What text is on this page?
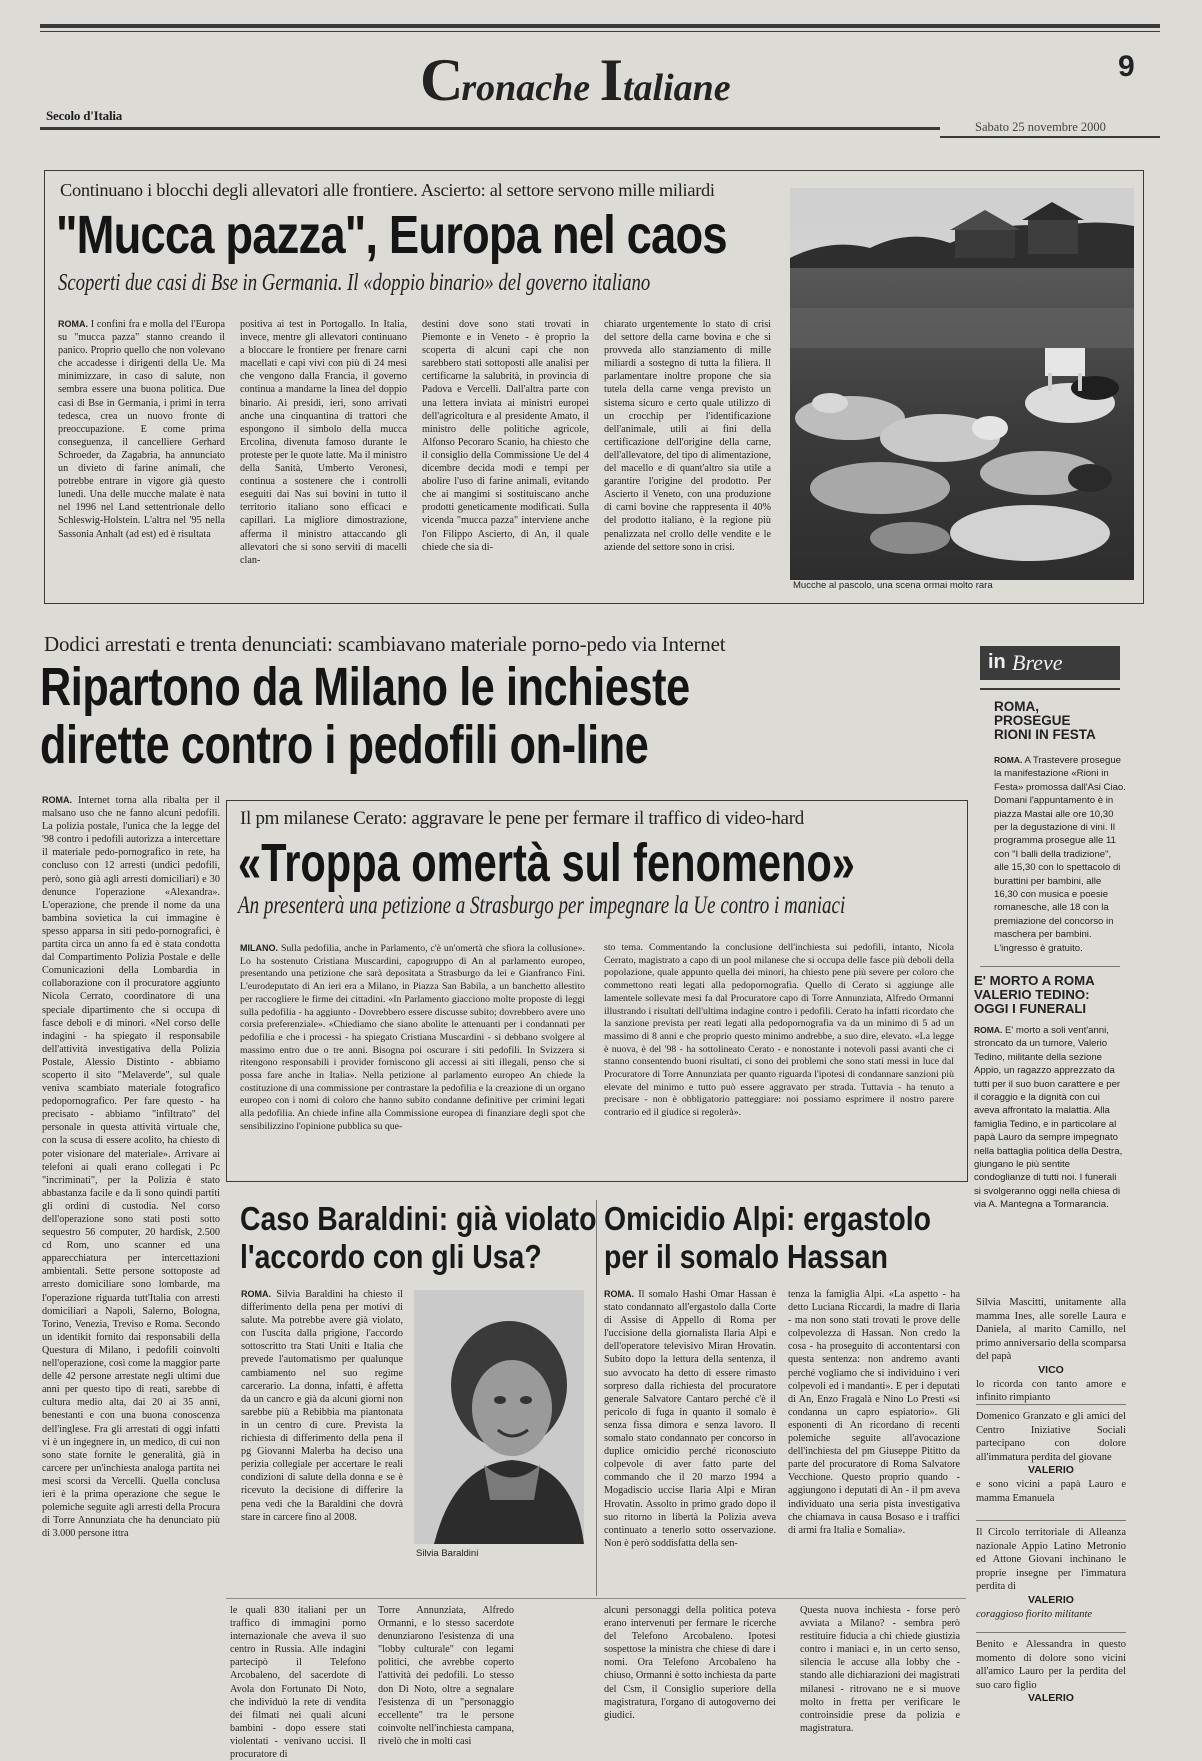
Cronache Italiane
9
Secolo d'Italia
Sabato 25 novembre 2000
Continuano i blocchi degli allevatori alle frontiere. Ascierto: al settore servono mille miliardi
"Mucca pazza", Europa nel caos
Scoperti due casi di Bse in Germania. Il «doppio binario» del governo italiano
ROMA. I confini fra e molla del l'Europa su "mucca pazza" stanno creando il panico. Proprio quello che non volevano che accadesse i dirigenti della Ue. Ma minimizzare, in caso di salute, non sembra essere una buona politica. Due casi di Bse in Germania, i primi in terra tedesca, crea un nuovo fronte di preoccupazione. E come prima conseguenza, il cancelliere Gerhard Schroeder, da Zagabria, ha annunciato un divieto di farine animali, che potrebbe entrare in vigore già questo lunedì. Una delle mucche malate è nata nel 1996 nel Land settentrionale dello Schleswig-Holstein. L'altra nel '95 nella Sassonia Anhalt (ad est) ed è risultata
positiva ai test in Portogallo. In Italia, invece, mentre gli allevatori continuano a bloccare le frontiere per frenare carni macellati e capi vivi con più di 24 mesi che vengono dalla Francia, il governo continua a mandarne la linea del doppio binario. Ai presidi, ieri, sono arrivati anche una cinquantina di trattori che espongono il simbolo della mucca Ercolina, divenuta famoso durante le proteste per le quote latte. Ma il ministro della Sanità, Umberto Veronesi, continua a sostenere che i controlli eseguiti dai Nas sui bovini in tutto il territorio italiano sono efficaci e capillari. La migliore dimostrazione, afferma il ministro attaccando gli allevatori che si sono serviti di macelli clan-
destini dove sono stati trovati in Piemonte e in Veneto - è proprio la scoperta di alcuni capi che non sarebbero stati sottoposti alle analisi per certificarne la salubrità, in provincia di Padova e Vercelli. Dall'altra parte con una lettera inviata ai ministri europei dell'agricoltura e al presidente Amato, il ministro delle politiche agricole, Alfonso Pecoraro Scanio, ha chiesto che il consiglio della Commissione Ue del 4 dicembre decida modi e tempi per abolire l'uso di farine animali, evitando che ai mangimi si sostituiscano anche prodotti geneticamente modificati. Sulla vicenda "mucca pazza" interviene anche l'on Filippo Ascierto, di An, il quale chiede che sia di-
chiarato urgentemente lo stato di crisi del settore della carne bovina e che si provveda allo stanziamento di mille miliardi a sostegno di tutta la filiera. Il parlamentare inoltre propone che sia tutela della carne venga previsto un sistema sicuro e certo quale utilizzo di un crocchip per l'identificazione dell'animale, utili ai fini della certificazione dell'origine della carne, dell'allevatore, del tipo di alimentazione, del macello e di quant'altro sia utile a garantire l'origine del prodotto. Per Ascierto il Veneto, con una produzione di carni bovine che rappresenta il 40% del prodotto italiano, è la regione più penalizzata nel crollo delle vendite e le aziende del settore sono in crisi.
Mucche al pascolo, una scena ormai molto rara
Dodici arrestati e trenta denunciati: scambiavano materiale porno-pedo via Internet
Ripartono da Milano le inchieste
dirette contro i pedofili on-line
ROMA. Internet torna alla ribalta per il malsano uso che ne fanno alcuni pedofili. La polizia postale, l'unica che la legge del '98 contro i pedofili autorizza a intercettare il materiale pedo-pornografico in rete, ha concluso con 12 arresti (undici pedofili, però, sono già agli arresti domiciliari) e 30 denunce l'operazione «Alexandra». L'operazione, che prende il nome da una bambina sovietica la cui immagine è spesso apparsa in siti pedo-pornografici, è partita circa un anno fa ed è stata condotta dal Compartimento Polizia Postale e delle Comunicazioni della Lombardia in collaborazione con il procuratore aggiunto Nicola Cerrato, coordinatore di una speciale dipartimento che si occupa di fasce deboli e di minori. «Nel corso delle indagini - ha spiegato il responsabile dell'attività investigativa della Polizia Postale, Alessio Distinto - abbiamo scoperto il sito "Melaverde", sul quale veniva scambiato materiale fotografico pedopornografico. Per fare questo - ha precisato - abbiamo "infiltrato" del personale in questa attività virtuale che, con la scusa di essere acolito, ha chiesto di poter visionare del materiale». Arrivare ai telefoni ai quali erano collegati i Pc "incriminati", per la Polizia è stato abbastanza facile e da lì sono quindi partiti gli ordini di custodia. Nel corso dell'operazione sono stati posti sotto sequestro 56 computer, 20 hardisk, 2.500 cd Rom, uno scanner ed una apparecchiatura per intercettazioni ambientali. Sette persone sottoposte ad arresto domiciliare sono lombarde, ma l'operazione riguarda tutt'Italia con arresti domiciliari a Napoli, Salerno, Bologna, Torino, Venezia, Treviso e Roma. Secondo un identikit fornito dai responsabili della Questura di Milano, i pedofili coinvolti nell'operazione, così come la maggior parte delle 42 persone arrestate negli ultimi due anni per questo tipo di reati, sarebbe di cultura medio alta, dai 20 ai 35 anni, benestanti e con una buona conoscenza dell'inglese. Fra gli arrestati di oggi infatti vi è un ingegnere in, un medico, di cui non sono state fornite le generalità, già in carcere per un'inchiesta analoga partita nei mesi scorsi da Vercelli. Quella conclusa ieri è la prima operazione che segue le polemiche seguite agli arresti della Procura di Torre Annunziata che ha denunciato più di 3.000 persone ittra
Il pm milanese Cerato: aggravare le pene per fermare il traffico di video-hard
«Troppa omertà sul fenomeno»
An presenterà una petizione a Strasburgo per impegnare la Ue contro i maniaci
MILANO. Sulla pedofilia, anche in Parlamento, c'è un'omertà che sfiora la collusione». Lo ha sostenuto Cristiana Muscardini, capogruppo di An al parlamento europeo, presentando una petizione che sarà depositata a Strasburgo da lei e Gianfranco Fini. L'eurodeputato di An ieri era a Milano, in Piazza San Babila, a un banchetto allestito per raccogliere le firme dei cittadini. «In Parlamento giacciono molte proposte di leggi sulla pedofilia - ha aggiunto - Dovrebbero essere discusse subito; dovrebbero avere uno corsia preferenziale». «Chiediamo che siano abolite le attenuanti per i condannati per pedofilia e che i processi - ha spiegato Cristiana Muscardini - si debbano svolgere al massimo entro due o tre anni. Bisogna poi oscurare i siti pedofili. In Svizzera si ritengono responsabili i provider forniscono gli accessi ai siti illegali, penso che si possa fare anche in Italia». Nella petizione al parlamento europeo An chiede la costituzione di una commissione per contrastare la pedofilia e la creazione di un organo europeo con i nomi di coloro che hanno subito condanne definitive per crimini legati alla pedofilia. An chiede infine alla Commissione europea di finanziare degli spot che sensibilizzino l'opinione pubblica su que-
sto tema. Commentando la conclusione dell'inchiesta sui pedofili, intanto, Nicola Cerrato, magistrato a capo di un pool milanese che si occupa delle fasce più deboli della popolazione, quale appunto quella dei minori, ha chiesto pene più severe per coloro che commettono reati legati alla pedopornografia. Quello di Cerato si aggiunge alle lamentele sollevate mesi fa dal Procuratore capo di Torre Annunziata, Alfredo Ormanni illustrando i risultati dell'ultima indagine contro i pedofili. Cerato ha infatti ricordato che la sanzione prevista per reati legati alla pedopornografia va da un minimo di 5 ad un massimo di 8 anni e che proprio questo minimo andrebbe, a suo dire, elevato. «La legge è nuova, è del '98 - ha sottolineato Cerato - e nonostante i notevoli passi avanti che ci stanno consentendo buoni risultati, ci sono dei problemi che sono stati messi in luce dal Procuratore di Torre Annunziata per quanto riguarda l'ipotesi di condannare sanzioni più elevate del minimo e tutto può essere aggravato per strada. Tuttavia - ha tenuto a precisare - non è obbligatorio patteggiare: noi possiamo esprimere il nostro parere contrario ed il giudice si regolerà».
Caso Baraldini: già violato
l'accordo con gli Usa?
ROMA. Silvia Baraldini ha chiesto il differimento della pena per motivi di salute. Ma potrebbe avere già violato, con l'uscita dalla prigione, l'accordo sottoscritto tra Stati Uniti e Italia che prevede l'automatismo per qualunque cambiamento nel suo regime carcerario. La donna, infatti, è affetta da un cancro e già da alcuni giorni non sarebbe più a Rebibbia ma piantonata in un centro di cure. Prevista la richiesta di differimento della pena il pg Giovanni Malerba ha deciso una perizia collegiale per accertare le reali condizioni di salute della donna e se è ricevuto la decisione di differire la pena vedi che la Baraldini che dovrà stare in carcere fino al 2008.
Silvia Baraldini
Omicidio Alpi: ergastolo
per il somalo Hassan
ROMA. Il somalo Hashi Omar Hassan è stato condannato all'ergastolo dalla Corte di Assise di Appello di Roma per l'uccisione della giornalista Ilaria Alpi e dell'operatore televisivo Miran Hrovatin. Subito dopo la lettura della sentenza, il suo avvocato ha detto di essere rimasto sorpreso dalla richiesta del procuratore generale Salvatore Cantaro perché c'è il pericolo di fuga in quanto il somalo è senza fissa dimora e senza lavoro. Il somalo stato condannato per concorso in duplice omicidio perché riconosciuto colpevole di aver fatto parte del commando che il 20 marzo 1994 a Mogadiscio uccise Ilaria Alpi e Miran Hrovatin. Assolto in primo grado dopo il suo ritorno in libertà la Polizia aveva continuato a tenerlo sotto osservazione. Non è però soddisfatta della sen-
tenza la famiglia Alpi. «La aspetto - ha detto Luciana Riccardi, la madre di Ilaria - ma non sono stati trovati le prove delle colpevolezza di Hassan. Non credo la cosa - ha proseguito di accontentarsi con questa sentenza: non andremo avanti perché vogliamo che si individuino i veri colpevoli ed i mandanti». E per i deputati di An, Enzo Fragalà e Nino Lo Presti «si condanna un capro espiatorio». Gli esponenti di An ricordano di recenti polemiche seguite all'avocazione dell'inchiesta del pm Giuseppe Pititto da parte del procuratore di Roma Salvatore Vecchione. Questo proprio quando - aggiungono i deputati di An - il pm aveva individuato una seria pista investigativa che chiamava in causa Bosaso e i traffici di armi fra Italia e Somalia».
le quali 830 italiani per un traffico di immagini porno internazionale che aveva il suo centro in Russia. Alle indagini partecipò il Telefono Arcobaleno, del sacerdote di Avola don Fortunato Di Noto, che individuò la rete di vendita dei filmati nei quali alcuni bambini - dopo essere stati violentati - venivano uccisi. Il procuratore di
Torre Annunziata, Alfredo Ormanni, e lo stesso sacerdote denunziarono l'esistenza di una "lobby culturale" con legami politici, che avrebbe coperto l'attività dei pedofili. Lo stesso don Di Noto, oltre a segnalare l'esistenza di un "personaggio eccellente" tra le persone coinvolte nell'inchiesta campana, rivelò che in molti casi
alcuni personaggi della politica poteva erano intervenuti per fermare le ricerche del Telefono Arcobaleno. Ipotesi sospettose la ministra che chiese di dare i nomi. Ora Telefono Arcobaleno ha chiuso, Ormanni è sotto inchiesta da parte del Csm, il Consiglio superiore della magistratura, l'organo di autogoverno dei giudici.
Questa nuova inchiesta - forse però avviata a Milano? - sembra però restituire fiducia a chi chiede giustizia contro i maniaci e, in un certo senso, silencia le accuse alla lobby che - stando alle dichiarazioni dei magistrati milanesi - ritrovano ne e si muove molto in fretta per verificare le controinsidie prese da polizia e magistratura.
in Breve
ROMA,
PROSEGUE
RIONI IN FESTA
ROMA. A Trastevere prosegue la manifestazione «Rioni in Festa» promossa dall'Asi Ciao. Domani l'appuntamento è in piazza Mastai alle ore 10,30 per la degustazione di vini. Il programma prosegue alle 11 con "I balli della tradizione", alle 15,30 con lo spettacolo di burattini per bambini, alle 16,30 con musica e poesie romanesche, alle 18 con la premiazione del concorso in maschera per bambini. L'ingresso è gratuito.
E' MORTO A ROMA
VALERIO TEDINO:
OGGI I FUNERALI
ROMA. E' morto a soli vent'anni, stroncato da un tumore, Valerio Tedino, militante della sezione Appio, un ragazzo apprezzato da tutti per il suo buon carattere e per il coraggio e la dignità con cui aveva affrontato la malattia. Alla famiglia Tedino, e in particolare al papà Lauro da sempre impegnato nella battaglia politica della Destra, giungano le più sentite condoglianze di tutti noi. I funerali si svolgeranno oggi nella chiesa di via A. Mantegna a Tormarancia.
Silvia Mascitti, unitamente alla mamma Ines, alle sorelle Laura e Daniela, al marito Camillo, nel primo anniversario della scomparsa del papà
VICO
lo ricorda con tanto amore e infinito rimpianto
Domenico Granzato e gli amici del Centro Iniziative Sociali partecipano con dolore all'immatura perdita del giovane
VALERIO
e sono vicini a papà Lauro e mamma Emanuela
Il Circolo territoriale di Alleanza nazionale Appio Latino Metronio ed Attone Giovani inchinano le proprie insegne per l'immatura perdita di
VALERIO
coraggioso fiorito militante
Benito e Alessandra in questo momento di dolore sono vicini all'amico Lauro per la perdita del suo caro figlio
VALERIO
